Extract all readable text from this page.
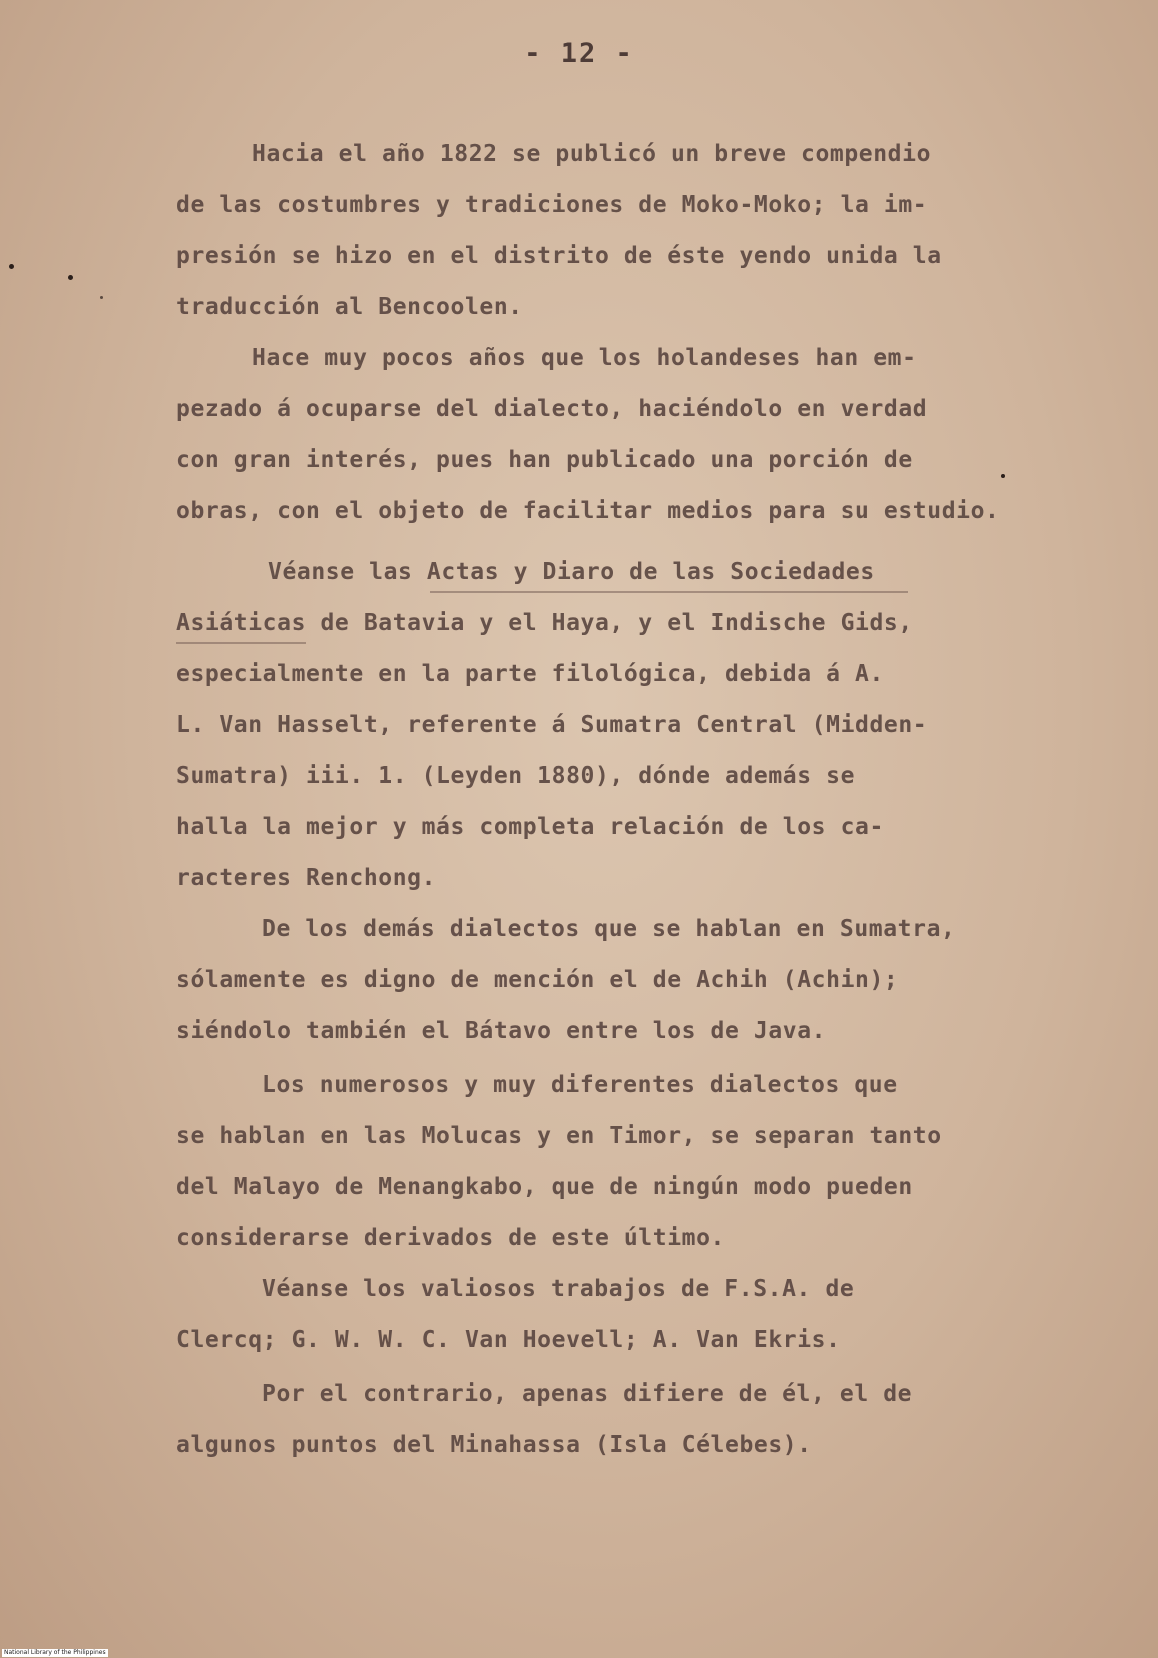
- 12 -
Hacia el año 1822 se publicó un breve compendio
de las costumbres y tradiciones de Moko-Moko; la im-
presión se hizo en el distrito de éste yendo unida la
traducción al Bencoolen.
Hace muy pocos años que los holandeses han em-
pezado á ocuparse del dialecto, haciéndolo en verdad
con gran interés, pues han publicado una porción de
obras, con el objeto de facilitar medios para su estudio.
Véanse las Actas y Diaro de las Sociedades
Asiáticas de Batavia y el Haya, y el Indische Gids,
especialmente en la parte filológica, debida á A.
L. Van Hasselt, referente á Sumatra Central (Midden-
Sumatra) iii. 1. (Leyden 1880), dónde además se
halla la mejor y más completa relación de los ca-
racteres Renchong.
De los demás dialectos que se hablan en Sumatra,
sólamente es digno de mención el de Achih (Achin);
siéndolo también el Bátavo entre los de Java.
Los numerosos y muy diferentes dialectos que
se hablan en las Molucas y en Timor, se separan tanto
del Malayo de Menangkabo, que de ningún modo pueden
considerarse derivados de este último.
Véanse los valiosos trabajos de F.S.A. de
Clercq; G. W. W. C. Van Hoevell; A. Van Ekris.
Por el contrario, apenas difiere de él, el de
algunos puntos del Minahassa (Isla Célebes).
National Library of the Philippines
